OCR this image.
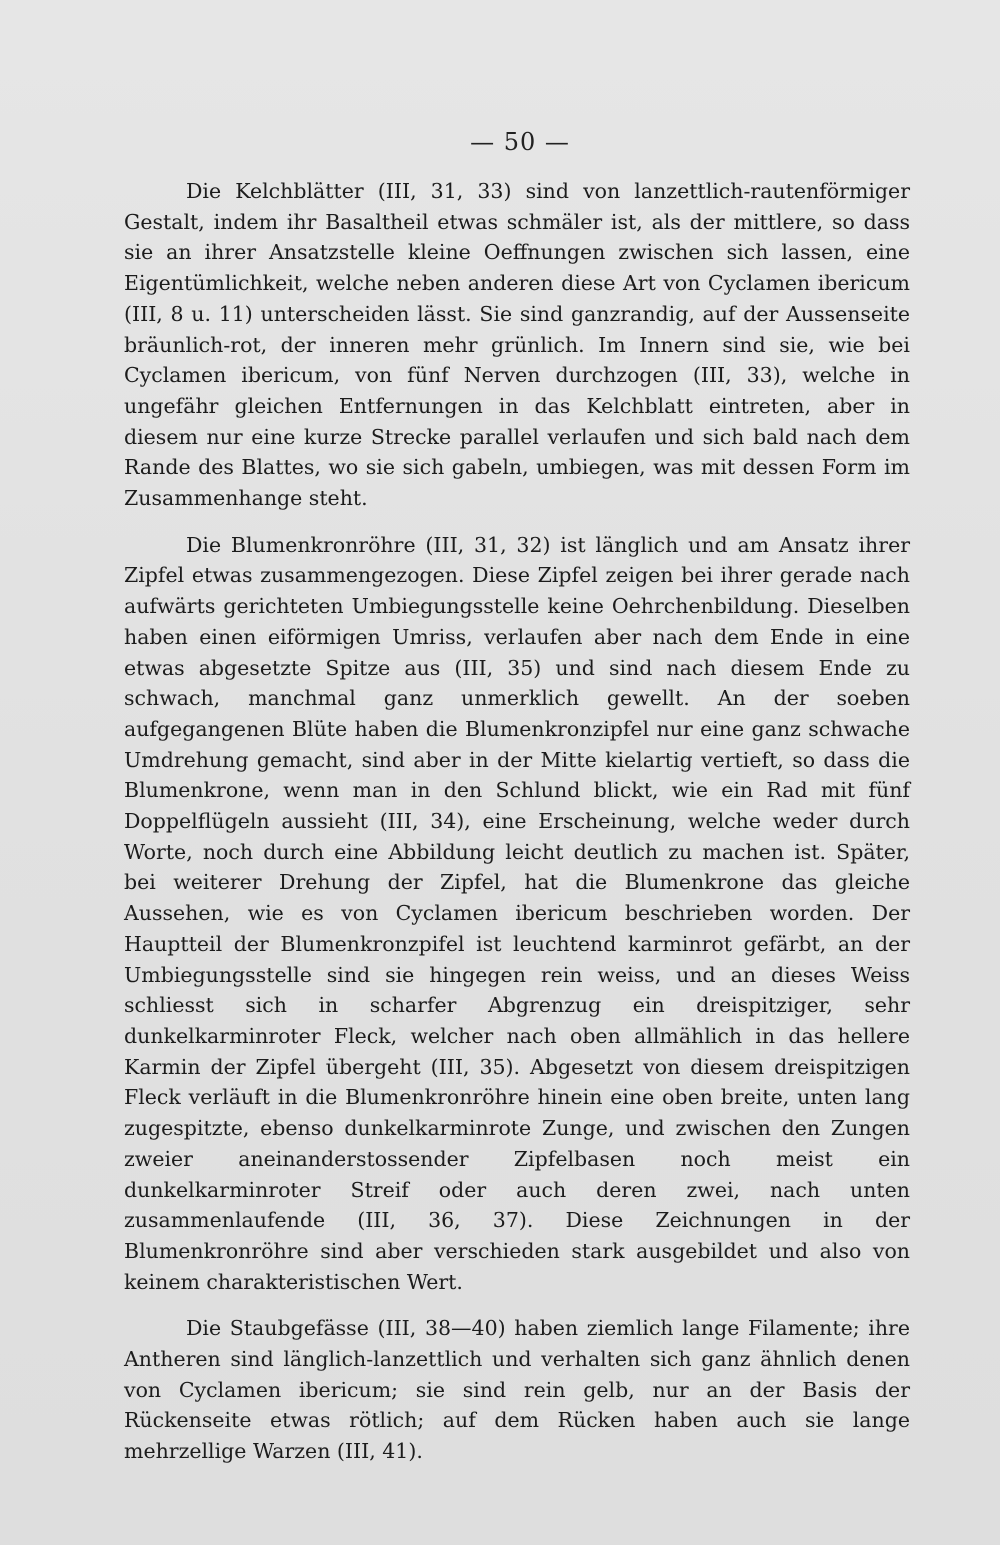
— 50 —

Die Kelchblätter (III, 31, 33) sind von lanzettlich-rautenförmiger Gestalt, indem ihr Basaltheil etwas schmäler ist, als der mittlere, so dass sie an ihrer Ansatzstelle kleine Oeffnungen zwischen sich lassen, eine Eigentümlichkeit, welche neben anderen diese Art von Cyclamen ibericum (III, 8 u. 11) unterscheiden lässt. Sie sind ganzrandig, auf der Aussenseite bräunlich-rot, der inneren mehr grünlich. Im Innern sind sie, wie bei Cyclamen ibericum, von fünf Nerven durchzogen (III, 33), welche in ungefähr gleichen Entfernungen in das Kelchblatt eintreten, aber in diesem nur eine kurze Strecke parallel verlaufen und sich bald nach dem Rande des Blattes, wo sie sich gabeln, umbiegen, was mit dessen Form im Zusammenhange steht.

Die Blumenkronröhre (III, 31, 32) ist länglich und am Ansatz ihrer Zipfel etwas zusammengezogen. Diese Zipfel zeigen bei ihrer gerade nach aufwärts gerichteten Umbiegungsstelle keine Oehrchenbildung. Dieselben haben einen eiförmigen Umriss, verlaufen aber nach dem Ende in eine etwas abgesetzte Spitze aus (III, 35) und sind nach diesem Ende zu schwach, manchmal ganz unmerklich gewellt. An der soeben aufgegangenen Blüte haben die Blumenkronzipfel nur eine ganz schwache Umdrehung gemacht, sind aber in der Mitte kielartig vertieft, so dass die Blumenkrone, wenn man in den Schlund blickt, wie ein Rad mit fünf Doppelflügeln aussieht (III, 34), eine Erscheinung, welche weder durch Worte, noch durch eine Abbildung leicht deutlich zu machen ist. Später, bei weiterer Drehung der Zipfel, hat die Blumenkrone das gleiche Aussehen, wie es von Cyclamen ibericum beschrieben worden. Der Hauptteil der Blumenkronzpifel ist leuchtend karminrot gefärbt, an der Umbiegungsstelle sind sie hingegen rein weiss, und an dieses Weiss schliesst sich in scharfer Abgrenzug ein dreispitziger, sehr dunkelkarminroter Fleck, welcher nach oben allmählich in das hellere Karmin der Zipfel übergeht (III, 35). Abgesetzt von diesem dreispitzigen Fleck verläuft in die Blumenkronröhre hinein eine oben breite, unten lang zugespitzte, ebenso dunkelkarminrote Zunge, und zwischen den Zungen zweier aneinanderstossender Zipfelbasen noch meist ein dunkelkarminroter Streif oder auch deren zwei, nach unten zusammenlaufende (III, 36, 37). Diese Zeichnungen in der Blumenkronröhre sind aber verschieden stark ausgebildet und also von keinem charakteristischen Wert.

Die Staubgefässe (III, 38—40) haben ziemlich lange Filamente; ihre Antheren sind länglich-lanzettlich und verhalten sich ganz ähnlich denen von Cyclamen ibericum; sie sind rein gelb, nur an der Basis der Rückenseite etwas rötlich; auf dem Rücken haben auch sie lange mehrzellige Warzen (III, 41).
